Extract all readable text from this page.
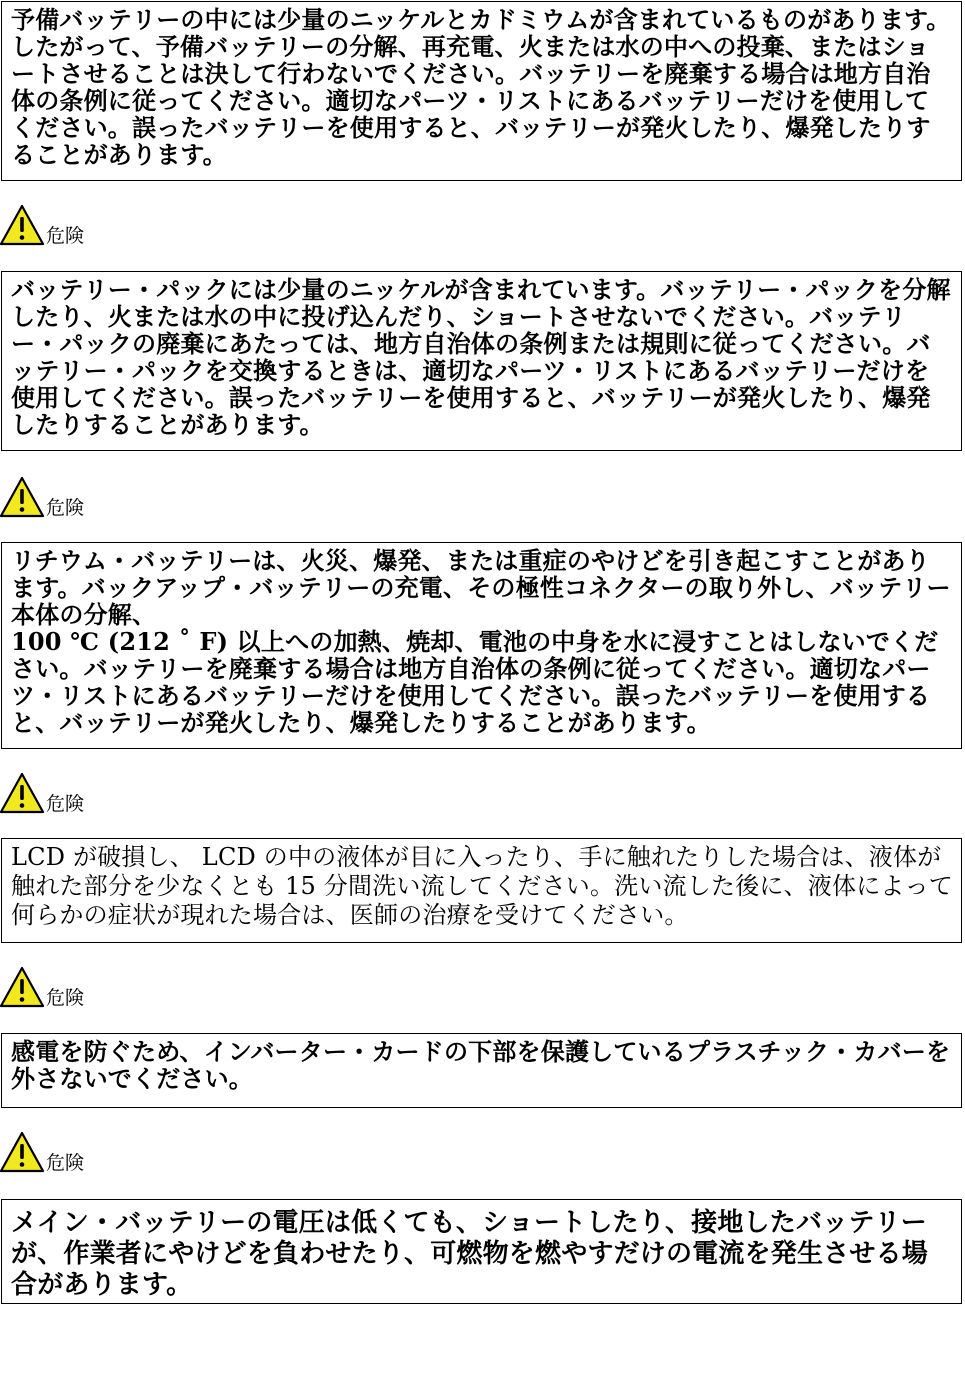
予備バッテリーの中には少量のニッケルとカドミウムが含まれているものがあります。したがって、予備バッテリーの分解、再充電、火または水の中への投棄、またはショートさせることは決して行わないでください。バッテリーを廃棄する場合は地方自治体の条例に従ってください。適切なパーツ・リストにあるバッテリーだけを使用してください。誤ったバッテリーを使用すると、バッテリーが発火したり、爆発したりすることがあります。
危険
バッテリー・パックには少量のニッケルが含まれています。バッテリー・パックを分解したり、火または水の中に投げ込んだり、ショートさせないでください。バッテリー・パックの廃棄にあたっては、地方自治体の条例または規則に従ってください。バッテリー・パックを交換するときは、適切なパーツ・リストにあるバッテリーだけを使用してください。誤ったバッテリーを使用すると、バッテリーが発火したり、爆発したりすることがあります。
危険
リチウム・バッテリーは、火災、爆発、または重症のやけどを引き起こすことがあります。バックアップ・バッテリーの充電、その極性コネクターの取り外し、バッテリー本体の分解、
100 ℃ (212 ˚ F) 以上への加熱、焼却、電池の中身を水に浸すことはしないでください。バッテリーを廃棄する場合は地方自治体の条例に従ってください。適切なパーツ・リストにあるバッテリーだけを使用してください。誤ったバッテリーを使用すると、バッテリーが発火したり、爆発したりすることがあります。
危険
LCD が破損し、 LCD の中の液体が目に入ったり、手に触れたりした場合は、液体が触れた部分を少なくとも 15 分間洗い流してください。洗い流した後に、液体によって何らかの症状が現れた場合は、医師の治療を受けてください。
危険
感電を防ぐため、インバーター・カードの下部を保護しているプラスチック・カバーを外さないでください。
危険
メイン・バッテリーの電圧は低くても、ショートしたり、接地したバッテリーが、作業者にやけどを負わせたり、可燃物を燃やすだけの電流を発生させる場合があります。
